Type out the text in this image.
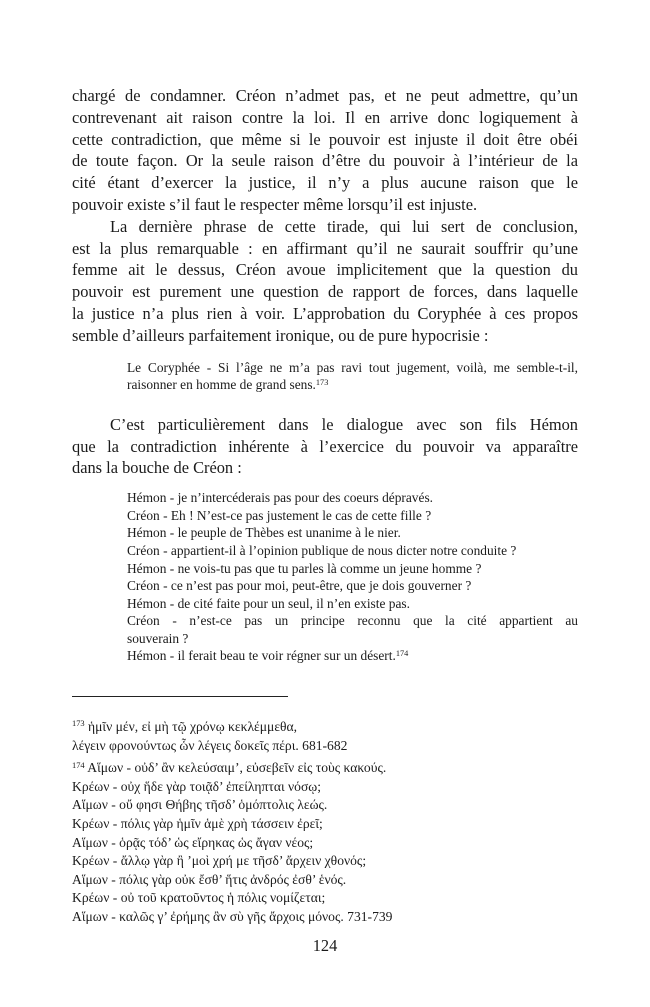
chargé de condamner. Créon n’admet pas, et ne peut admettre, qu’un
contrevenant ait raison contre la loi. Il en arrive donc logiquement à
cette contradiction, que même si le pouvoir est injuste il doit être obéi
de toute façon. Or la seule raison d’être du pouvoir à l’intérieur de la
cité étant d’exercer la justice, il n’y a plus aucune raison que le
pouvoir existe s’il faut le respecter même lorsqu’il est injuste.
La dernière phrase de cette tirade, qui lui sert de conclusion,
est la plus remarquable : en affirmant qu’il ne saurait souffrir qu’une
femme ait le dessus, Créon avoue implicitement que la question du
pouvoir est purement une question de rapport de forces, dans laquelle
la justice n’a plus rien à voir. L’approbation du Coryphée à ces propos
semble d’ailleurs parfaitement ironique, ou de pure hypocrisie :
Le Coryphée - Si l’âge ne m’a pas ravi tout jugement, voilà, me semble-t-il,
raisonner en homme de grand sens.$^{173}$
C’est particulièrement dans le dialogue avec son fils Hémon
que la contradiction inhérente à l’exercice du pouvoir va apparaître
dans la bouche de Créon :
Hémon - je n’intercéderais pas pour des coeurs dépravés.
Créon - Eh ! N’est-ce pas justement le cas de cette fille ?
Hémon - le peuple de Thèbes est unanime à le nier.
Créon - appartient-il à l’opinion publique de nous dicter notre conduite ?
Hémon - ne vois-tu pas que tu parles là comme un jeune homme ?
Créon - ce n’est pas pour moi, peut-être, que je dois gouverner ?
Hémon - de cité faite pour un seul, il n’en existe pas.
Créon - n’est-ce pas un principe reconnu que la cité appartient au
souverain ?
Hémon - il ferait beau te voir régner sur un désert.$^{174}$
$^{173}$ ἡμῖν μέν, εἰ μὴ τῷ χρόνῳ κεκλέμμεθα,
λέγειν φρονούντως ὧν λέγεις δοκεῖς πέρι. 681-682
$^{174}$ Αἵμων - οὐδ’ ἂν κελεύσαιμ’, εὐσεβεῖν εἰς τοὺς κακούς.
Κρέων - οὐχ ἥδε γὰρ τοιᾷδ’ ἐπείληπται νόσῳ;
Αἵμων - οὔ φησι Θήβης τῆσδ’ ὁμόπτολις λεώς.
Κρέων - πόλις γὰρ ἡμῖν ἁμὲ χρὴ τάσσειν ἐρεῖ;
Αἵμων - ὁρᾷς τόδ’ ὡς εἴρηκας ὡς ἄγαν νέος;
Κρέων - ἄλλῳ γὰρ ἢ ’μοὶ χρή με τῆσδ’ ἄρχειν χθονός;
Αἵμων - πόλις γὰρ οὐκ ἔσθ’ ἥτις ἀνδρός ἐσθ’ ἑνός.
Κρέων - οὐ τοῦ κρατοῦντος ἡ πόλις νομίζεται;
Αἵμων - καλῶς γ’ ἐρήμης ἂν σὺ γῆς ἄρχοις μόνος. 731-739
124
